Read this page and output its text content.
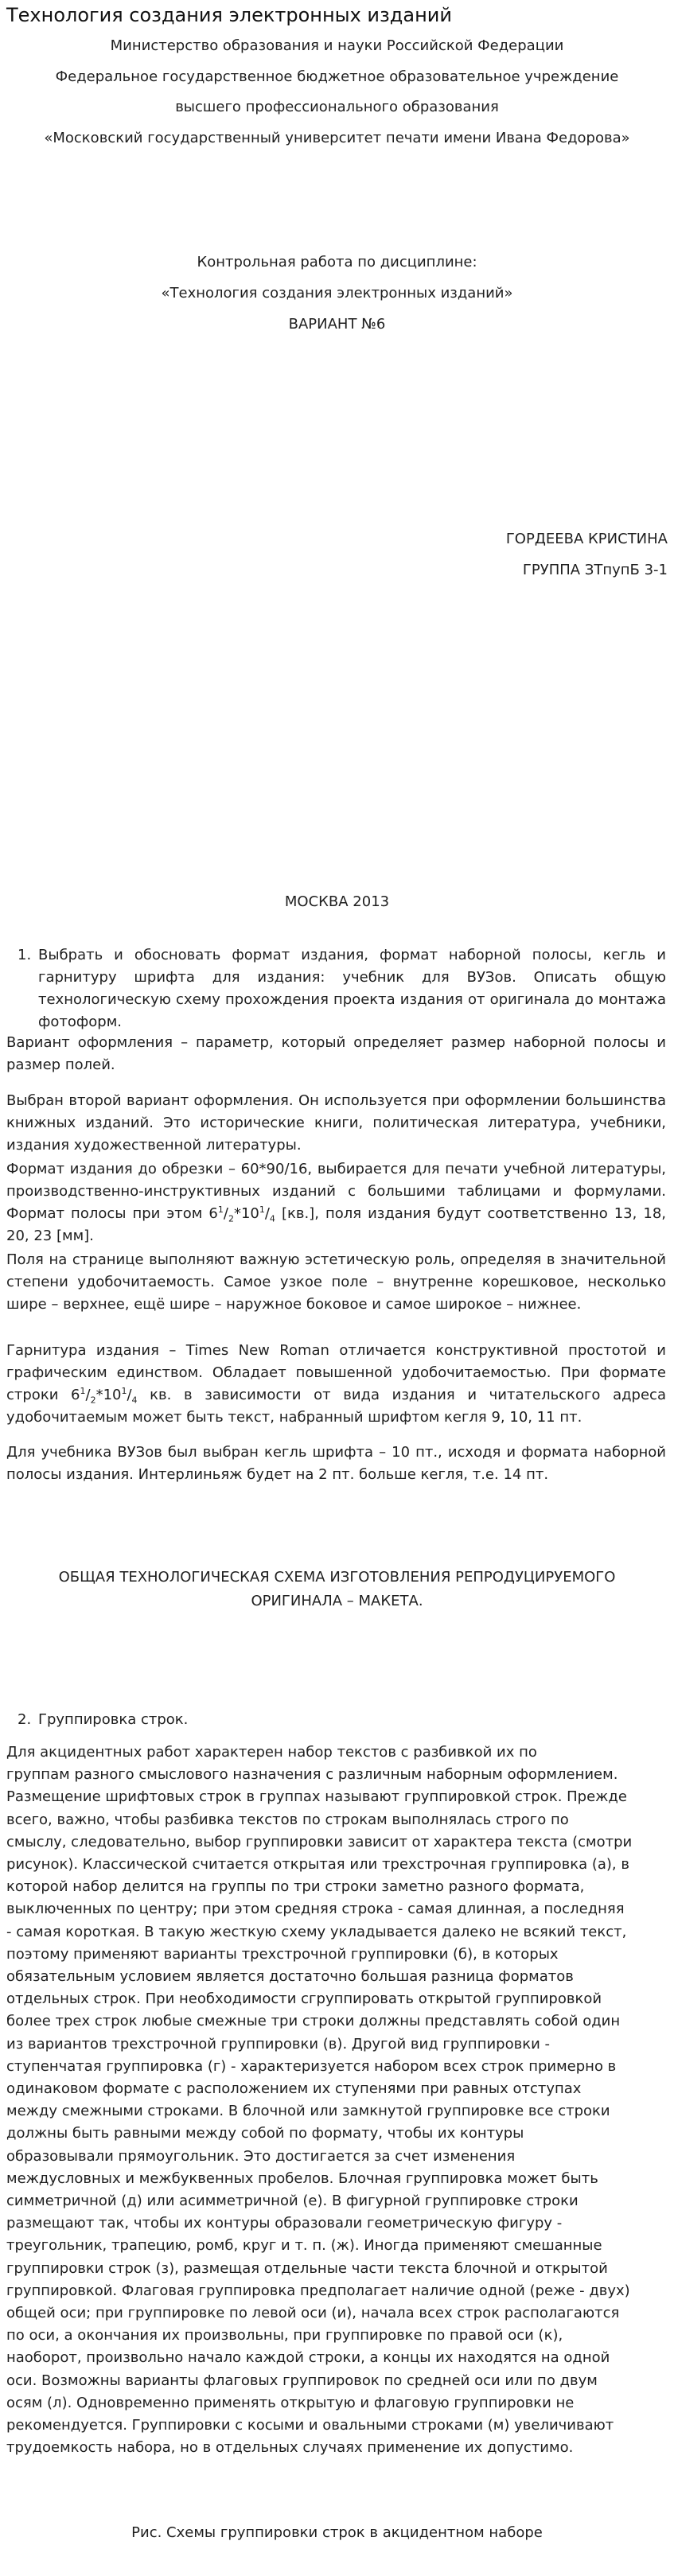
Технология создания электронных изданий
Министерство образования и науки Российской Федерации
Федеральное государственное бюджетное образовательное учреждение
высшего профессионального образования
«Московский государственный университет печати имени Ивана Федорова»
Контрольная работа по дисциплине:
«Технология создания электронных изданий»
ВАРИАНТ №6
ГОРДЕЕВА КРИСТИНА
ГРУППА ЗТпупБ 3-1
МОСКВА 2013
1. Выбрать и обосновать формат издания, формат наборной полосы, кегль и гарнитуру шрифта для издания: учебник для ВУЗов. Описать общую технологическую схему прохождения проекта издания от оригинала до монтажа фотоформ.
Вариант оформления – параметр, который определяет размер наборной полосы и размер полей.
Выбран второй вариант оформления. Он используется при оформлении большинства книжных изданий. Это исторические книги, политическая литература, учебники, издания художественной литературы.
Формат издания до обрезки – 60*90/16, выбирается для печати учебной литературы, производственно-инструктивных изданий с большими таблицами и формулами. Формат полосы при этом $6^1/_2*10^1/_4$ [кв.], поля издания будут соответственно 13, 18, 20, 23 [мм].
Поля на странице выполняют важную эстетическую роль, определяя в значительной степени удобочитаемость. Самое узкое поле – внутренне корешковое, несколько шире – верхнее, ещё шире – наружное боковое и самое широкое – нижнее.
Гарнитура издания – Times New Roman отличается конструктивной простотой и графическим единством. Обладает повышенной удобочитаемостью. При формате строки $6^1/_2*10^1/_4$ кв. в зависимости от вида издания и читательского адреса удобочитаемым может быть текст, набранный шрифтом кегля 9, 10, 11 пт.
Для учебника ВУЗов был выбран кегль шрифта – 10 пт., исходя и формата наборной полосы издания. Интерлиньяж будет на 2 пт. больше кегля, т.е. 14 пт.
ОБЩАЯ ТЕХНОЛОГИЧЕСКАЯ СХЕМА ИЗГОТОВЛЕНИЯ РЕПРОДУЦИРУЕМОГО
ОРИГИНАЛА – МАКЕТА.
2. Группировка строк.
Для акцидентных работ характерен набор текстов с разбивкой их по
группам разного смыслового назначения с различным наборным оформлением.
Размещение шрифтовых строк в группах называют группировкой строк. Прежде
всего, важно, чтобы разбивка текстов по строкам выполнялась строго по
смыслу, следовательно, выбор группировки зависит от характера текста (смотри
рисунок). Классической считается открытая или трехстрочная группировка (а), в
которой набор делится на группы по три строки заметно разного формата,
выключенных по центру; при этом средняя строка - самая длинная, а последняя
- самая короткая. В такую жесткую схему укладывается далеко не всякий текст,
поэтому применяют варианты трехстрочной группировки (б), в которых
обязательным условием является достаточно большая разница форматов
отдельных строк. При необходимости сгруппировать открытой группировкой
более трех строк любые смежные три строки должны представлять собой один
из вариантов трехстрочной группировки (в). Другой вид группировки -
ступенчатая группировка (г) - характеризуется набором всех строк примерно в
одинаковом формате с расположением их ступенями при равных отступах
между смежными строками. В блочной или замкнутой группировке все строки
должны быть равными между собой по формату, чтобы их контуры
образовывали прямоугольник. Это достигается за счет изменения
междусловных и межбуквенных пробелов. Блочная группировка может быть
симметричной (д) или асимметричной (е). В фигурной группировке строки
размещают так, чтобы их контуры образовали геометрическую фигуру -
треугольник, трапецию, ромб, круг и т. п. (ж). Иногда применяют смешанные
группировки строк (з), размещая отдельные части текста блочной и открытой
группировкой. Флаговая группировка предполагает наличие одной (реже - двух)
общей оси; при группировке по левой оси (и), начала всех строк располагаются
по оси, а окончания их произвольны, при группировке по правой оси (к),
наоборот, произвольно начало каждой строки, а концы их находятся на одной
оси. Возможны варианты флаговых группировок по средней оси или по двум
осям (л). Одновременно применять открытую и флаговую группировки не
рекомендуется. Группировки с косыми и овальными строками (м) увеличивают
трудоемкость набора, но в отдельных случаях применение их допустимо.
Рис. Схемы группировки строк в акцидентном наборе
